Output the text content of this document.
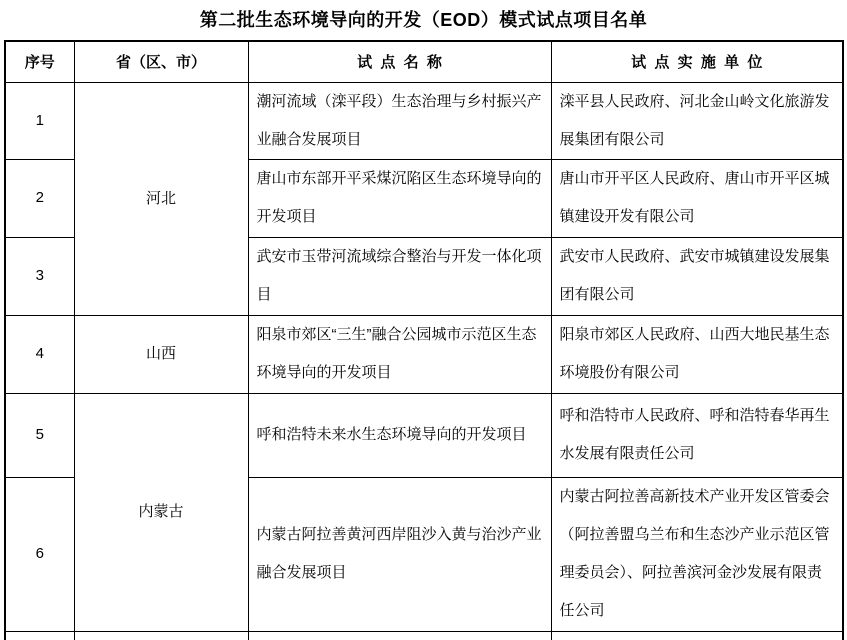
第二批生态环境导向的开发（EOD）模式试点项目名单
序号	省（区、市）	试点名称	试点实施单位
1	河北	潮河流域（滦平段）生态治理与乡村振兴产业融合发展项目	滦平县人民政府、河北金山岭文化旅游发展集团有限公司
2		唐山市东部开平采煤沉陷区生态环境导向的开发项目	唐山市开平区人民政府、唐山市开平区城镇建设开发有限公司
3		武安市玉带河流域综合整治与开发一体化项目	武安市人民政府、武安市城镇建设发展集团有限公司
4	山西	阳泉市郊区“三生”融合公园城市示范区生态环境导向的开发项目	阳泉市郊区人民政府、山西大地民基生态环境股份有限公司
5	内蒙古	呼和浩特未来水生态环境导向的开发项目	呼和浩特市人民政府、呼和浩特春华再生水发展有限责任公司
6		内蒙古阿拉善黄河西岸阻沙入黄与治沙产业融合发展项目	内蒙古阿拉善高新技术产业开发区管委会（阿拉善盟乌兰布和生态沙产业示范区管理委员会）、阿拉善滨河金沙发展有限责任公司
